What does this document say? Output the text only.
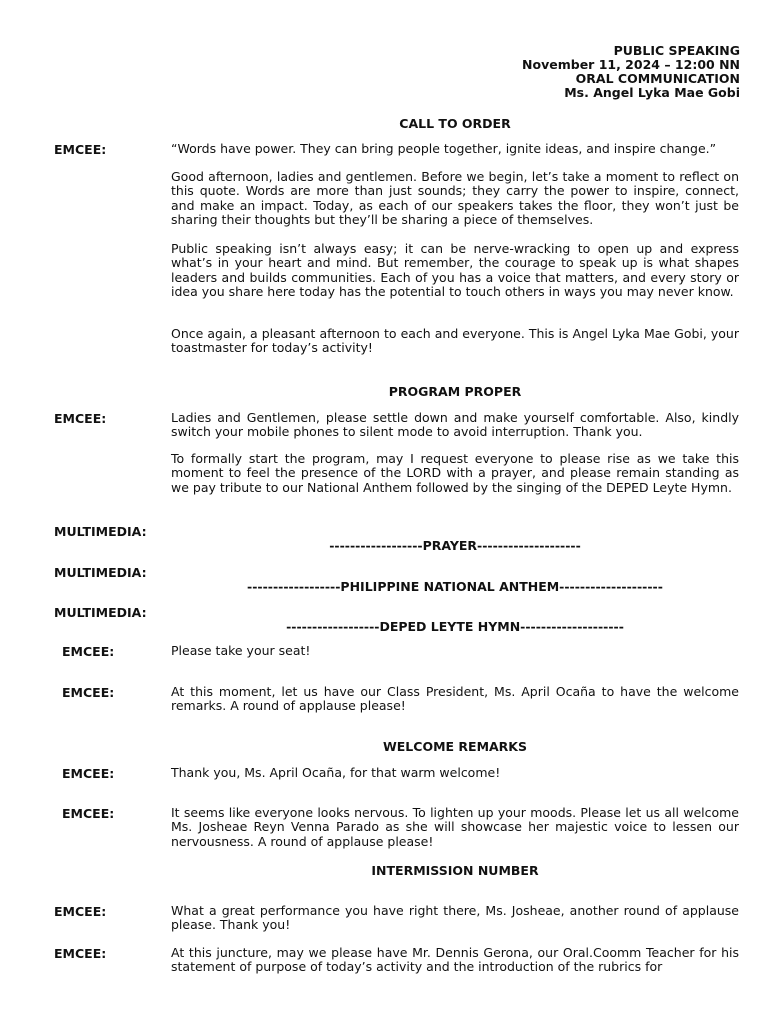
PUBLIC SPEAKING
November 11, 2024 – 12:00 NN
ORAL COMMUNICATION
Ms. Angel Lyka Mae Gobi
CALL TO ORDER
EMCEE:	“Words have power. They can bring people together, ignite ideas, and inspire change.”
Good afternoon, ladies and gentlemen. Before we begin, let’s take a moment to reflect on this quote. Words are more than just sounds; they carry the power to inspire, connect, and make an impact. Today, as each of our speakers takes the floor, they won’t just be sharing their thoughts but they’ll be sharing a piece of themselves.
Public speaking isn’t always easy; it can be nerve-wracking to open up and express what’s in your heart and mind. But remember, the courage to speak up is what shapes leaders and builds communities. Each of you has a voice that matters, and every story or idea you share here today has the potential to touch others in ways you may never know.
Once again, a pleasant afternoon to each and everyone. This is Angel Lyka Mae Gobi, your toastmaster for today’s activity!
PROGRAM PROPER
EMCEE:	Ladies and Gentlemen, please settle down and make yourself comfortable. Also, kindly switch your mobile phones to silent mode to avoid interruption. Thank you.
To formally start the program, may I request everyone to please rise as we take this moment to feel the presence of the LORD with a prayer, and please remain standing as we pay tribute to our National Anthem followed by the singing of the DEPED Leyte Hymn.
MULTIMEDIA:
------------------PRAYER--------------------
MULTIMEDIA:
------------------PHILIPPINE NATIONAL ANTHEM--------------------
MULTIMEDIA:
------------------DEPED LEYTE HYMN--------------------
EMCEE:	Please take your seat!
EMCEE:	At this moment, let us have our Class President, Ms. April Ocaña to have the welcome remarks. A round of applause please!
WELCOME REMARKS
EMCEE:	Thank you, Ms. April Ocaña, for that warm welcome!
EMCEE:	It seems like everyone looks nervous. To lighten up your moods. Please let us all welcome Ms. Josheae Reyn Venna Parado as she will showcase her majestic voice to lessen our nervousness. A round of applause please!
INTERMISSION NUMBER
EMCEE:	What a great performance you have right there, Ms. Josheae, another round of applause please. Thank you!
EMCEE:	At this juncture, may we please have Mr. Dennis Gerona, our Oral.Coomm Teacher for his statement of purpose of today’s activity and the introduction of the rubrics for
